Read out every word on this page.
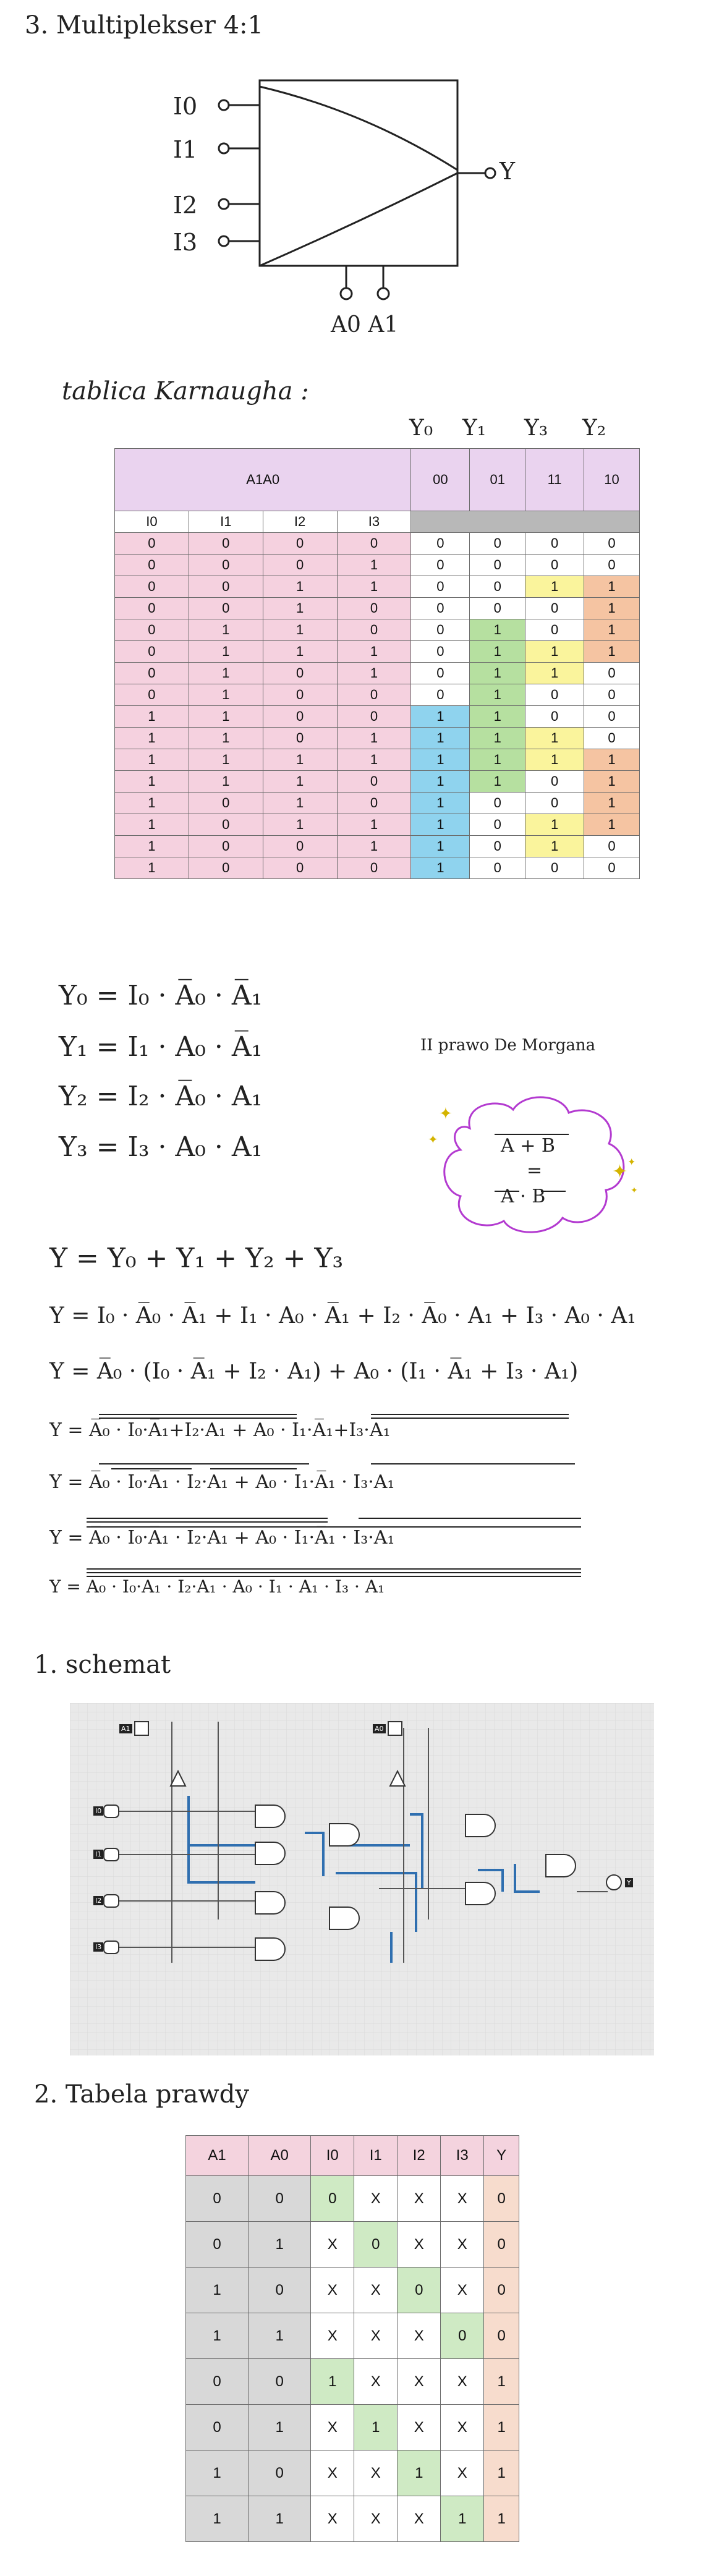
3. Multiplekser 4:1
I0
I1
I2
I3
Y
A0 A1
tablica Karnaugha :
Y₀ Y₁ Y₃ Y₂
A1A0				00	01	11	10
I0	I1	I2	I3				
0	0	0	0	0	0	0	0
0	0	0	1	0	0	0	0
0	0	1	1	0	0	1	1
0	0	1	0	0	0	0	1
0	1	1	0	0	1	0	1
0	1	1	1	0	1	1	1
0	1	0	1	0	1	1	0
0	1	0	0	0	1	0	0
1	1	0	0	1	1	0	0
1	1	0	1	1	1	1	0
1	1	1	1	1	1	1	1
1	1	1	0	1	1	0	1
1	0	1	0	1	0	0	1
1	0	1	1	1	0	1	1
1	0	0	1	1	0	1	0
1	0	0	0	1	0	0	0
Y₀ = I₀ · A̅₀ · A̅₁
Y₁ = I₁ · A₀ · A̅₁
Y₂ = I₂ · A̅₀ · A₁
Y₃ = I₃ · A₀ · A₁
II prawo De Morgana
✦
✦
✦ ✦
✦
A + B
=
A · B
Y = Y₀ + Y₁ + Y₂ + Y₃
Y = I₀ · A̅₀ · A̅₁ + I₁ · A₀ · A̅₁ + I₂ · A̅₀ · A₁ + I₃ · A₀ · A₁
Y = A̅₀ · (I₀ · A̅₁ + I₂ · A₁) + A₀ · (I₁ · A̅₁ + I₃ · A₁)
Y = A̅₀ · I₀·A̅₁+I₂·A₁ + A₀ · I₁·A̅₁+I₃·A₁
Y = A̅₀ · I₀·A̅₁ · I₂·A₁ + A₀ · I₁·A̅₁ · I₃·A₁
Y = A̅₀ · I₀·A̅₁ · I₂·A₁ + A₀ · I₁·A̅₁ · I₃·A₁
Y = A̅₀ · I₀·A̅₁ · I₂·A₁ · A₀ · I₁ · A̅₁ · I₃ · A₁
1. schemat
A1	A0
I0
I1
I2
I3
Y
2. Tabela prawdy
A1	A0	I0	I1	I2	I3	Y
0	0	0	X	X	X	0
0	1	X	0	X	X	0
1	0	X	X	0	X	0
1	1	X	X	X	0	0
0	0	1	X	X	X	1
0	1	X	1	X	X	1
1	0	X	X	1	X	1
1	1	X	X	X	1	1
